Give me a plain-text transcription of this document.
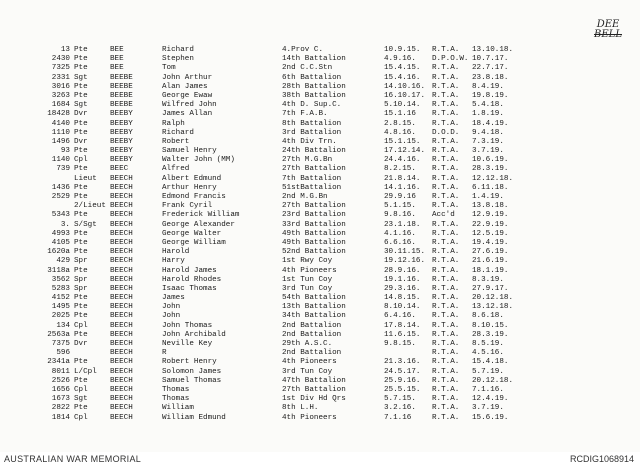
DEE
BELL
13 Pte	BEE	Richard	4.Prov C.	10.9.15.	R.T.A.	13.10.18.
2430 Pte	BEE	Stephen	14th Battalion	4.9.16.	D.P.O.W. 10.7.17.
7325 Pte	BEE	Tom	2nd C.C.Stn	15.4.15.	R.T.A.	22.7.17.
2331 Sgt	BEEBE	John Arthur	6th Battalion	15.4.16.	R.T.A.	23.8.18.
3016 Pte	BEEBE	Alan James	28th Battalion	14.10.16. R.T.A.	8.4.19.
3263 Pte	BEEBE	George Ewaw	38th Battalion	16.10.17. R.T.A.	19.8.19.
1684 Sgt	BEEBE	Wilfred John	4th D. Sup.C.	5.10.14.	R.T.A.	5.4.18.
18428 Dvr	BEEBY	James Allan	7th F.A.B.	15.1.16	R.T.A.	1.8.19.
4140 Pte	BEEBY	Ralph	8th Battalion	2.8.15.	R.T.A.	18.4.19.
1110 Pte	BEEBY	Richard	3rd Battalion	4.8.16.	D.O.D.	9.4.18.
1496 Dvr	BEEBY	Robert	4th Div Trn.	15.1.15.	R.T.A.	7.3.19.
93 Pte	BEEBY	Samuel Henry	24th Battalion	17.12.14. R.T.A.	3.7.19.
1140 Cpl	BEEBY	Walter John (MM)	27th M.G.Bn	24.4.16.	R.T.A.	10.6.19.
739 Pte	BEEC	Alfred	27th Battalion	8.2.15.	R.T.A.	28.3.19.
Lieut	BEECH	Albert Edmund	7th Battalion	21.8.14.	R.T.A.	12.12.18.
1436 Pte	BEECH	Arthur Henry	51stBattalion	14.1.16.	R.T.A.	6.11.18.
2529 Pte	BEECH	Edmond Francis	2nd M.G.Bn	29.9.16	R.T.A.	1.4.19.
2/Lieut BEECH	Frank Cyril	27th Battalion	5.1.15.	R.T.A.	13.8.18.
5343 Pte	BEECH	Frederick William	23rd Battalion	9.8.16.	Acc'd	12.9.19.
3. S/Sgt	BEECH	George Alexander	33rd Battalion	23.1.18.	R.T.A.	22.9.19.
4993 Pte	BEECH	George Walter	49th Battalion	4.1.16.	R.T.A.	12.5.19.
4105 Pte	BEECH	George William	49th Battalion	6.6.16.	R.T.A.	19.4.19.
1620a Pte	BEECH	Harold	52nd Battalion	30.11.15. R.T.A.	27.6.19.
429 Spr	BEECH	Harry	1st Rwy Coy	19.12.16. R.T.A.	21.6.19.
3118a Pte	BEECH	Harold James	4th Pioneers	28.9.16.	R.T.A.	18.1.19.
3562 Spr	BEECH	Harold Rhodes	1st Tun Coy	19.1.16.	R.T.A.	8.3.19.
5283 Spr	BEECH	Isaac Thomas	3rd Tun Coy	29.3.16.	R.T.A.	27.9.17.
4152 Pte	BEECH	James	54th Battalion	14.8.15.	R.T.A.	20.12.18.
1495 Pte	BEECH	John	13th Battalion	8.10.14.	R.T.A.	13.12.18.
2025 Pte	BEECH	John	34th Battalion	6.4.16.	R.T.A.	8.6.18.
134 Cpl	BEECH	John Thomas	2nd Battalion	17.8.14.	R.T.A.	8.10.15.
2563a Pte	BEECH	John Archibald	2nd Battalion	11.6.15.	R.T.A.	28.3.19.
7375 Dvr	BEECH	Neville Key	29th A.S.C.	9.8.15.	R.T.A.	8.5.19.
596	BEECH	R	2nd Battalion	R.T.A.	4.5.16.
2341a Pte	BEECH	Robert Henry	4th Pioneers	21.3.16.	R.T.A.	15.4.18.
8011 L/Cpl	BEECH	Solomon James	3rd Tun Coy	24.5.17.	R.T.A.	5.7.19.
2526 Pte	BEECH	Samuel Thomas	47th Battalion	25.9.16.	R.T.A.	20.12.18.
1656 Cpl	BEECH	Thomas	27th Battalion	25.5.15.	R.T.A.	7.1.16.
1673 Sgt	BEECH	Thomas	1st Div Hd Qrs	5.7.15.	R.T.A.	12.4.19.
2822 Pte	BEECH	William	8th L.H.	3.2.16.	R.T.A.	3.7.19.
1814 Cpl	BEECH	William Edmund	4th Pioneers	7.1.16	R.T.A.	15.6.19.
AUSTRALIAN WAR MEMORIAL	RCDIG1068914
